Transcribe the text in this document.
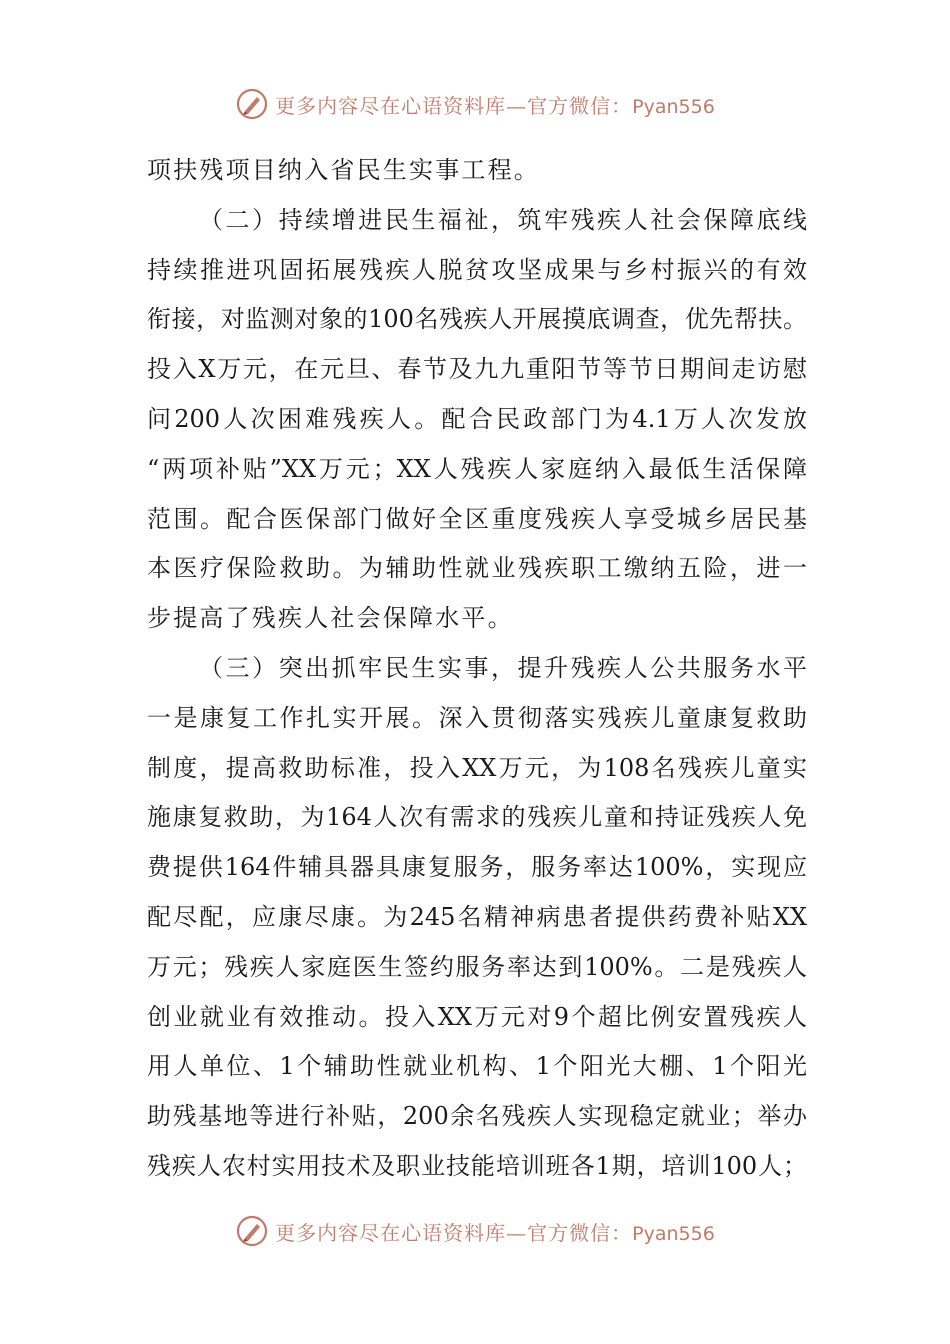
更多内容尽在心语资料库—官方微信：Pyan556
项扶残项目纳入省民生实事工程。
（二）持续增进民生福祉，筑牢残疾人社会保障底线
持续推进巩固拓展残疾人脱贫攻坚成果与乡村振兴的有效
衔接，对监测对象的100名残疾人开展摸底调查，优先帮扶。
投入X万元，在元旦、春节及九九重阳节等节日期间走访慰
问200人次困难残疾人。配合民政部门为4.1万人次发放
“两项补贴”XX万元；XX人残疾人家庭纳入最低生活保障
范围。配合医保部门做好全区重度残疾人享受城乡居民基
本医疗保险救助。为辅助性就业残疾职工缴纳五险，进一
步提高了残疾人社会保障水平。
（三）突出抓牢民生实事，提升残疾人公共服务水平
一是康复工作扎实开展。深入贯彻落实残疾儿童康复救助
制度，提高救助标准，投入XX万元，为108名残疾儿童实
施康复救助，为164人次有需求的残疾儿童和持证残疾人免
费提供164件辅具器具康复服务，服务率达100%，实现应
配尽配，应康尽康。为245名精神病患者提供药费补贴XX
万元；残疾人家庭医生签约服务率达到100%。二是残疾人
创业就业有效推动。投入XX万元对9个超比例安置残疾人
用人单位、1个辅助性就业机构、1个阳光大棚、1个阳光
助残基地等进行补贴，200余名残疾人实现稳定就业；举办
残疾人农村实用技术及职业技能培训班各1期，培训100人；
更多内容尽在心语资料库—官方微信：Pyan556
